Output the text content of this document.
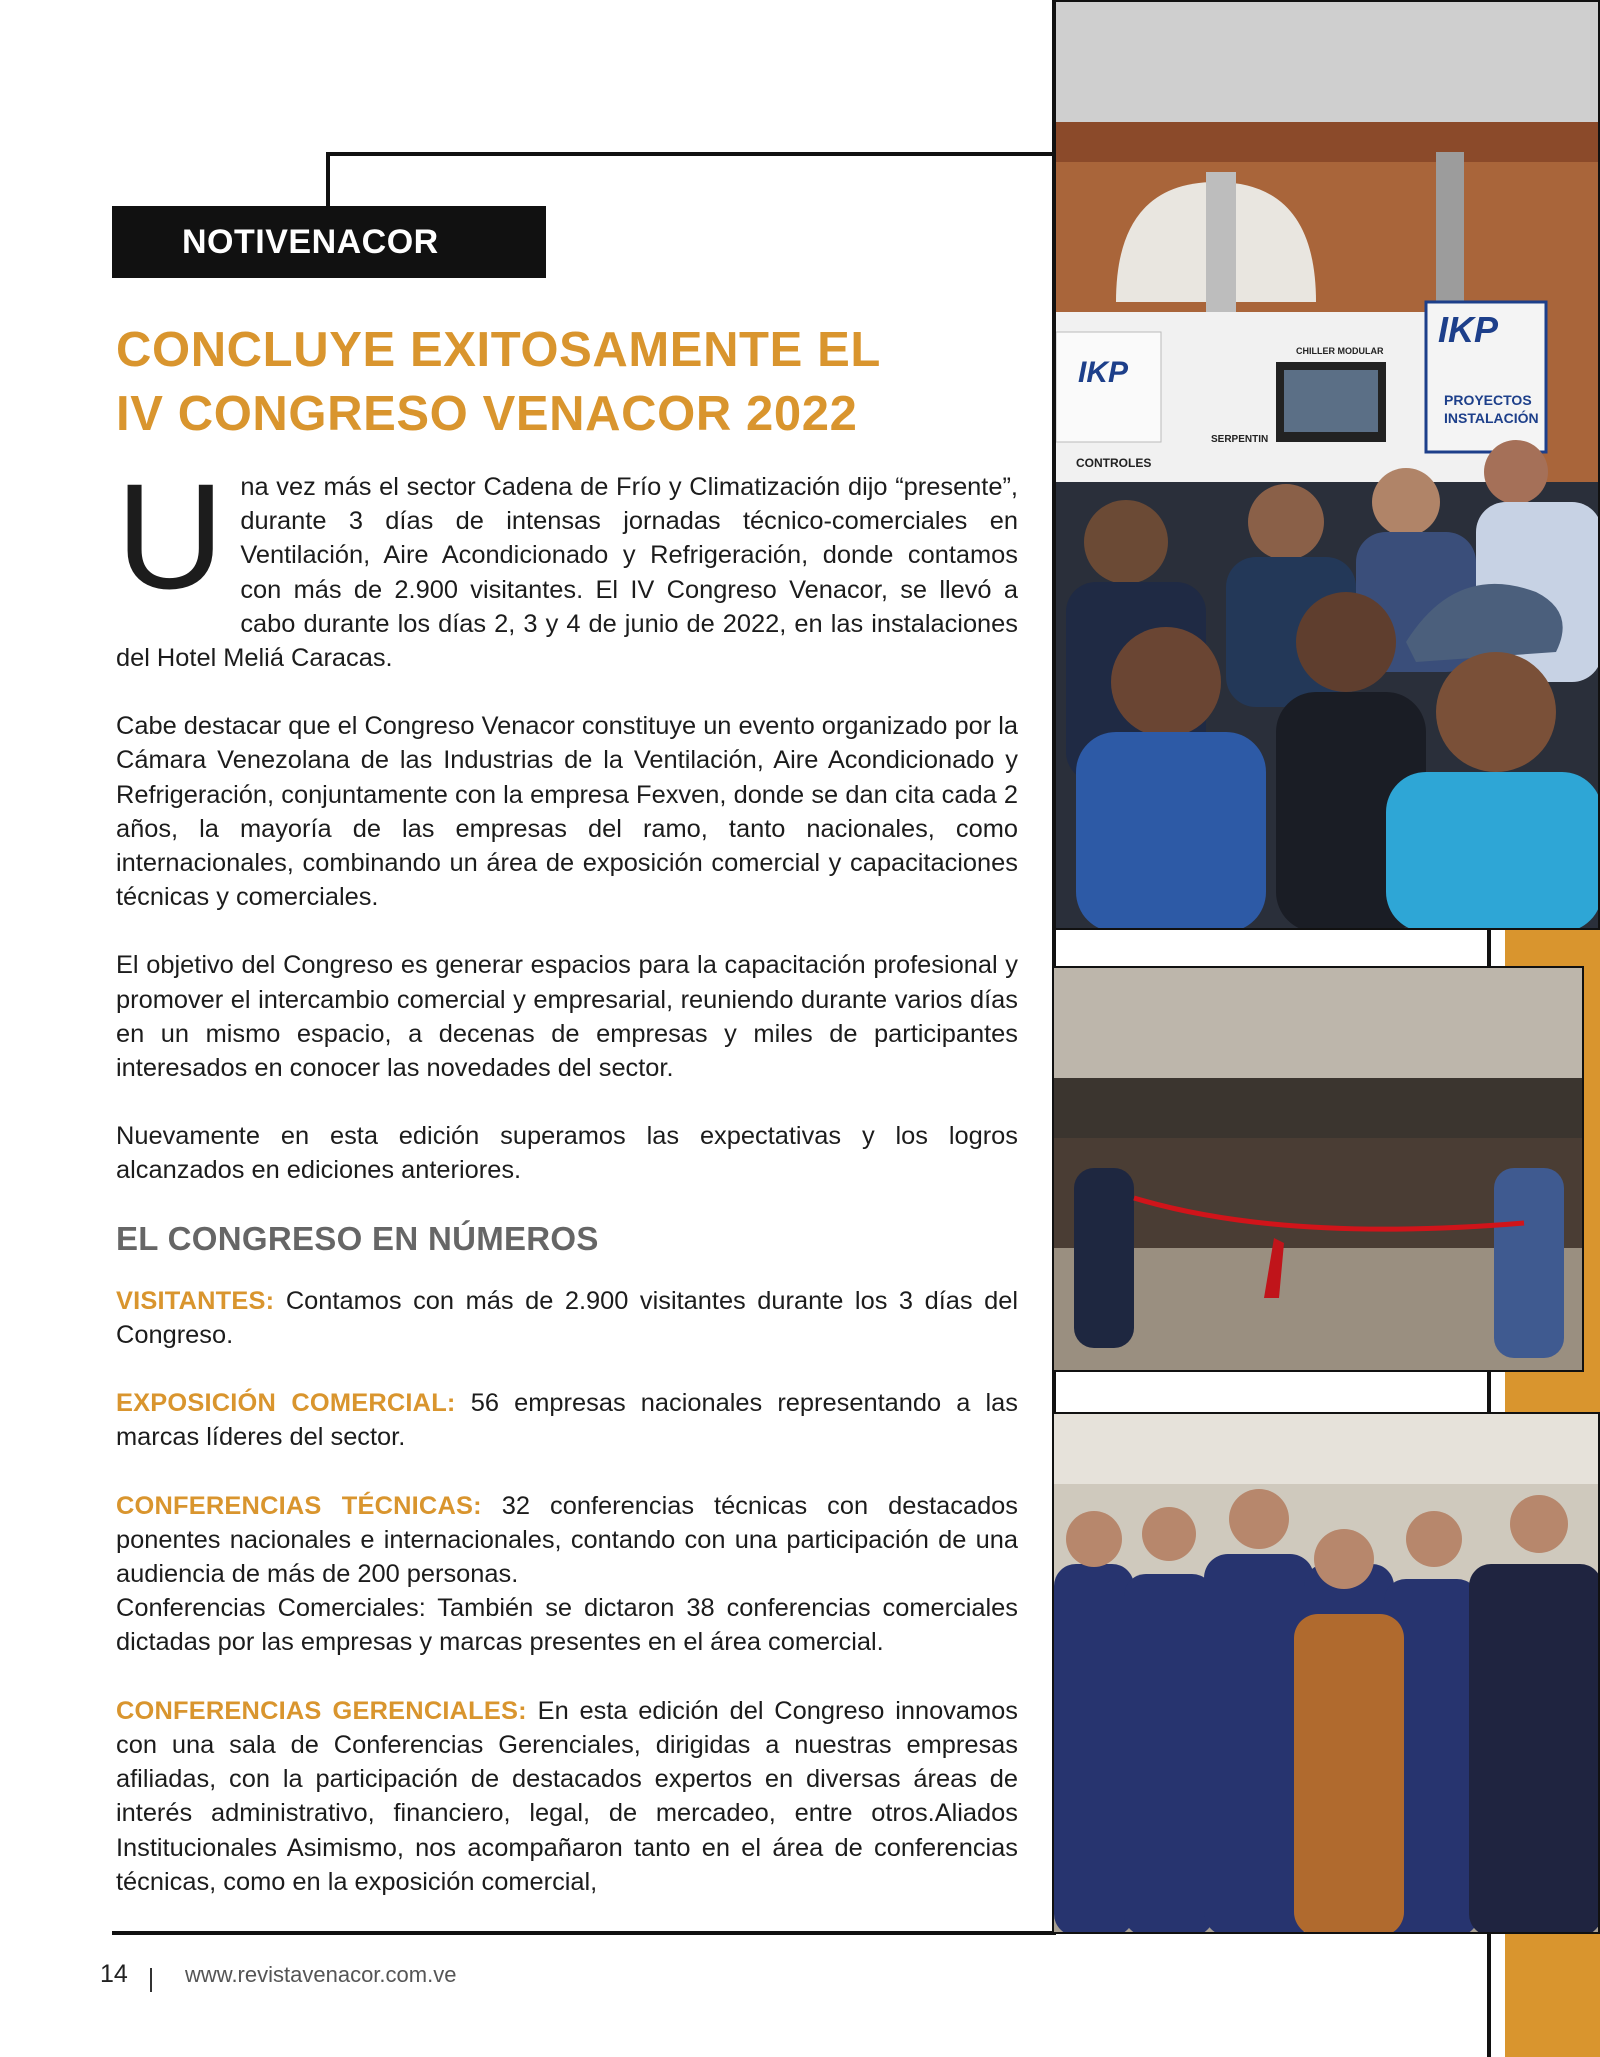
NOTIVENACOR
CONCLUYE EXITOSAMENTE EL
IV CONGRESO VENACOR 2022

Una vez más el sector Cadena de Frío y Climatización dijo “presente”, durante 3 días de intensas jornadas técnico-comerciales en Ventilación, Aire Acondicionado y Refrigeración, donde contamos con más de 2.900 visitantes. El IV Congreso Venacor, se llevó a cabo durante los días 2, 3 y 4 de junio de 2022, en las instalaciones del Hotel Meliá Caracas.

Cabe destacar que el Congreso Venacor constituye un evento organizado por la Cámara Venezolana de las Industrias de la Ventilación, Aire Acondicionado y Refrigeración, conjuntamente con la empresa Fexven, donde se dan cita cada 2 años, la mayoría de las empresas del ramo, tanto nacionales, como internacionales, combinando un área de exposición comercial y capacitaciones técnicas y comerciales.

El objetivo del Congreso es generar espacios para la capacitación profesional y promover el intercambio comercial y empresarial, reuniendo durante varios días en un mismo espacio, a decenas de empresas y miles de participantes interesados en conocer las novedades del sector.

Nuevamente en esta edición superamos las expectativas y los logros alcanzados en ediciones anteriores.

EL CONGRESO EN NÚMEROS

VISITANTES: Contamos con más de 2.900 visitantes durante los 3 días del Congreso.

EXPOSICIÓN COMERCIAL: 56 empresas nacionales representando a las     marcas líderes del sector.

CONFERENCIAS TÉCNICAS: 32 conferencias técnicas con destacados ponentes nacionales e internacionales, contando con una participación de una audiencia de más de 200 personas.

Conferencias Comerciales: También se dictaron 38 conferencias comerciales dictadas por las empresas y marcas presentes en el área comercial.

CONFERENCIAS GERENCIALES: En esta edición del Congreso innovamos con una sala de Conferencias Gerenciales, dirigidas a nuestras empresas afiliadas, con la participación de destacados expertos en diversas áreas de interés administrativo, financiero, legal, de mercadeo, entre otros.Aliados Institucionales Asimismo, nos acompañaron tanto en el área de conferencias técnicas, como en la exposición comercial,

IKP
CHILLER MODULAR
IKP
PROYECTOS
INSTALACIÓN
CONTROLES
SERPENTIN
14	www.revistavenacor.com.ve
